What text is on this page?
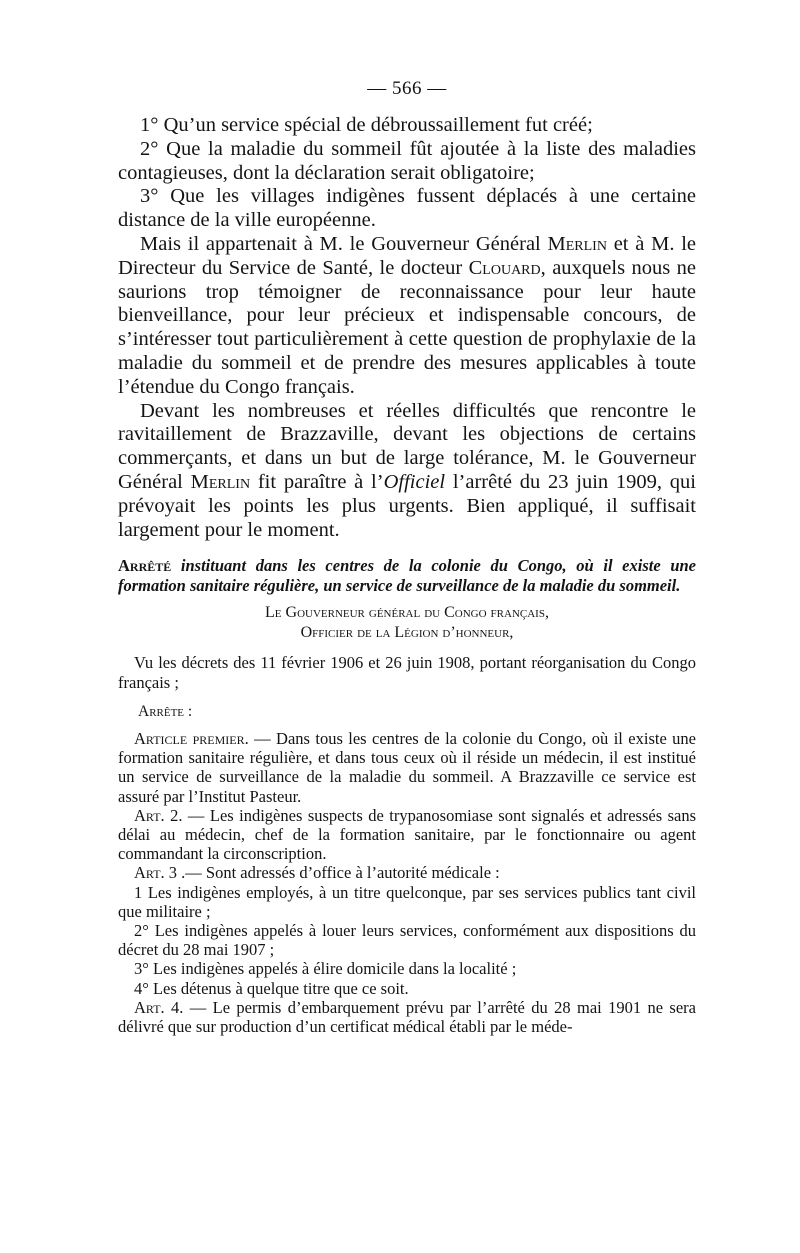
— 566 —

1° Qu’un service spécial de débroussaillement fut créé;

2° Que la maladie du sommeil fût ajoutée à la liste des maladies contagieuses, dont la déclaration serait obligatoire;

3° Que les villages indigènes fussent déplacés à une certaine distance de la ville européenne.

Mais il appartenait à M. le Gouverneur Général Merlin et à M. le Directeur du Service de Santé, le docteur Clouard, auxquels nous ne saurions trop témoigner de reconnaissance pour leur haute bienveillance, pour leur précieux et indispensable concours, de s’intéresser tout particulièrement à cette question de prophylaxie de la maladie du sommeil et de prendre des mesures applicables à toute l’étendue du Congo français.

Devant les nombreuses et réelles difficultés que rencontre le ravitaillement de Brazzaville, devant les objections de certains commerçants, et dans un but de large tolérance, M. le Gouverneur Général Merlin fit paraître à l’Officiel l’arrêté du 23 juin 1909, qui prévoyait les points les plus urgents. Bien appliqué, il suffisait largement pour le moment.

Arrêté instituant dans les centres de la colonie du Congo, où il existe une formation sanitaire régulière, un service de surveillance de la maladie du sommeil.
Le Gouverneur général du Congo français,
Officier de la Légion d’honneur,

Vu les décrets des 11 février 1906 et 26 juin 1908, portant réorganisation du Congo français ;

Arrête :

Article premier. — Dans tous les centres de la colonie du Congo, où il existe une formation sanitaire régulière, et dans tous ceux où il réside un médecin, il est institué un service de surveillance de la maladie du sommeil. A Brazzaville ce service est assuré par l’Institut Pasteur.

Art. 2. — Les indigènes suspects de trypanosomiase sont signalés et adressés sans délai au médecin, chef de la formation sanitaire, par le fonctionnaire ou agent commandant la circonscription.

Art. 3 .— Sont adressés d’office à l’autorité médicale :

1 Les indigènes employés, à un titre quelconque, par ses services publics tant civil que militaire ;

2° Les indigènes appelés à louer leurs services, conformément aux dispositions du décret du 28 mai 1907 ;

3° Les indigènes appelés à élire domicile dans la localité ;

4° Les détenus à quelque titre que ce soit.

Art. 4. — Le permis d’embarquement prévu par l’arrêté du 28 mai 1901 ne sera délivré que sur production d’un certificat médical établi par le méde-
